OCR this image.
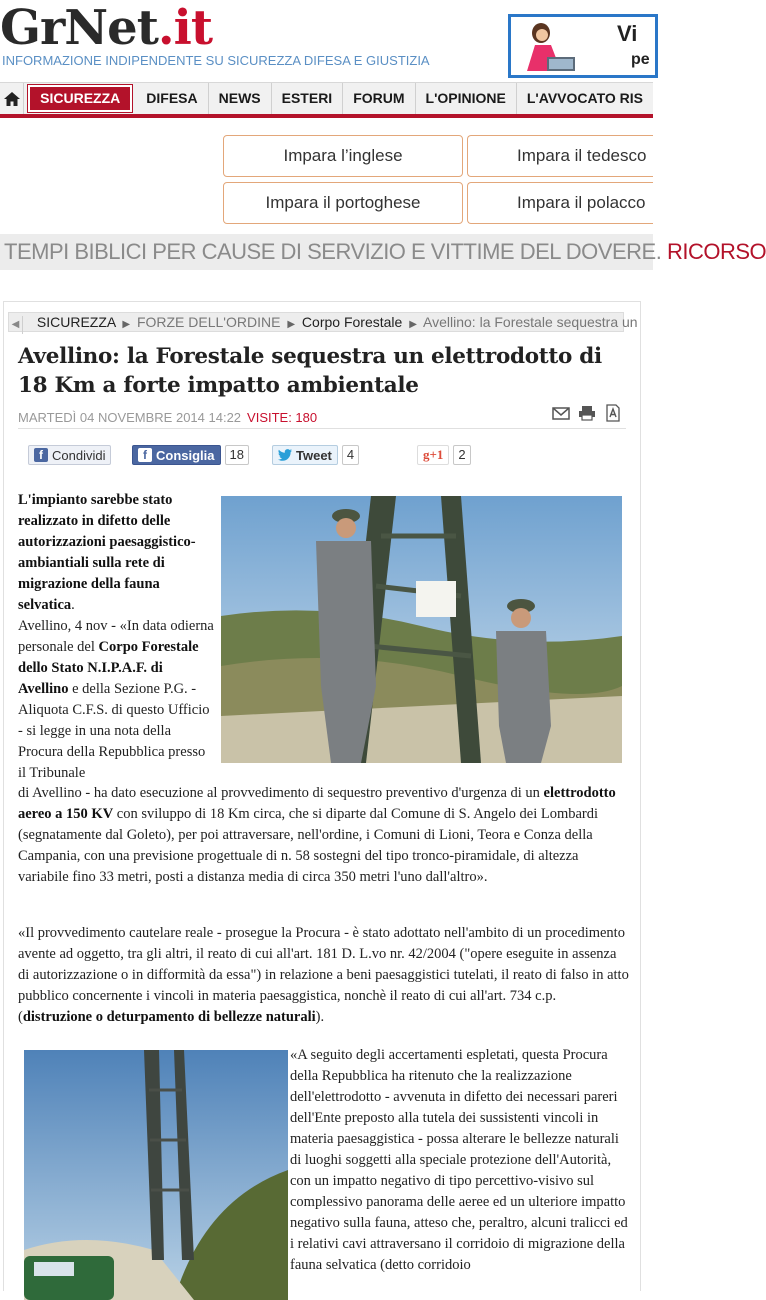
GrNet.it
INFORMAZIONE INDIPENDENTE SU SICUREZZA DIFESA E GIUSTIZIA
Vi
pe
SICUREZZA	DIFESA	NEWS	ESTERI	FORUM	L'OPINIONE	L'AVVOCATO RIS
Impara l’inglese	Impara il tedesco
Impara il portoghese	Impara il polacco
TEMPI BIBLICI PER CAUSE DI SERVIZIO E VITTIME DEL DOVERE. RICORSO
◀ SICUREZZA ▶ FORZE DELL'ORDINE ▶ Corpo Forestale ▶ Avellino: la Forestale sequestra un
Avellino: la Forestale sequestra un elettrodotto di 18 Km a forte impatto ambientale
MARTEDÌ 04 NOVEMBRE 2014 14:22 VISITE: 180
f Condividi	f Consiglia	18	Tweet	4	g+1	2
L'impianto sarebbe stato realizzato in difetto delle autorizzazioni paesaggistico-ambiantiali sulla rete di migrazione della fauna selvatica.
Avellino, 4 nov - «In data odierna personale del Corpo Forestale dello Stato N.I.P.A.F. di Avellino e della Sezione P.G. -Aliquota C.F.S. di questo Ufficio - si legge in una nota della Procura della Repubblica presso il Tribunale
di Avellino - ha dato esecuzione al provvedimento di sequestro preventivo d'urgenza di un elettrodotto aereo a 150 KV con sviluppo di 18 Km circa, che si diparte dal Comune di S. Angelo dei Lombardi (segnatamente dal Goleto), per poi attraversare, nell'ordine, i Comuni di Lioni, Teora e Conza della Campania, con una previsione progettuale di n. 58 sostegni del tipo tronco-piramidale, di altezza variabile fino 33 metri, posti a distanza media di circa 350 metri l'uno dall'altro».
«Il provvedimento cautelare reale - prosegue la Procura - è stato adottato nell'ambito di un procedimento avente ad oggetto, tra gli altri, il reato di cui all'art. 181 D. L.vo nr. 42/2004 ("opere eseguite in assenza di autorizzazione o in difformità da essa") in relazione a beni paesaggistici tutelati, il reato di falso in atto pubblico concernente i vincoli in materia paesaggistica, nonchè il reato di cui all'art. 734 c.p. (distruzione o deturpamento di bellezze naturali).
«A seguito degli accertamenti espletati, questa Procura della Repubblica ha ritenuto che la realizzazione dell'elettrodotto - avvenuta in difetto dei necessari pareri dell'Ente preposto alla tutela dei sussistenti vincoli in materia paesaggistica - possa alterare le bellezze naturali di luoghi soggetti alla speciale protezione dell'Autorità, con un impatto negativo di tipo percettivo-visivo sul complessivo panorama delle aeree ed un ulteriore impatto negativo sulla fauna, atteso che, peraltro, alcuni tralicci ed i relativi cavi attraversano il corridoio di migrazione della fauna selvatica (detto corridoio
